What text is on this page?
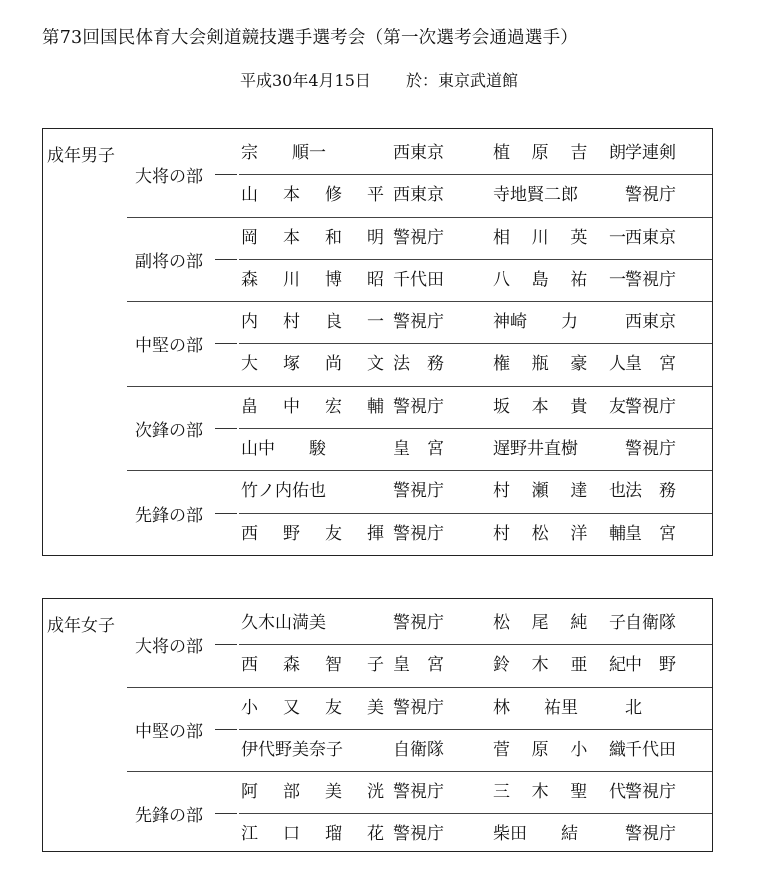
第73回国民体育大会剣道競技選手選考会（第一次選考会通過選手）
平成30年4月15日 於：東京武道館
成年男子
大将の部
宗　　順一	西東京	植 原 吉 朗 学連剣
山 本 修 平 西東京	寺地賢二郎	警視庁
副将の部
岡 本 和 明 警視庁	相 川 英 一 西東京
森 川 博 昭 千代田	八 島 祐 一 警視庁
中堅の部
内 村 良 一 警視庁	神崎　　力	西東京
大 塚 尚 文 法　務	権 瓶 豪 人 皇　宮
次鋒の部
畠 中 宏 輔 警視庁	坂 本 貴 友 警視庁
山中　　駿	皇　宮	遅野井直樹	警視庁
先鋒の部
竹ノ内佑也	警視庁	村 瀬 達 也 法　務
西 野 友 揮 警視庁	村 松 洋 輔 皇　宮
成年女子
大将の部
久木山満美	警視庁	松 尾 純 子 自衛隊
西 森 智 子 皇　宮	鈴 木 亜 紀 中　野
中堅の部
小 又 友 美 警視庁	林　　祐里	北
伊代野美奈子	自衛隊	菅 原 小 織 千代田
先鋒の部
阿 部 美 洸 警視庁	三 木 聖 代 警視庁
江 口 瑠 花 警視庁	柴田　　結	警視庁
